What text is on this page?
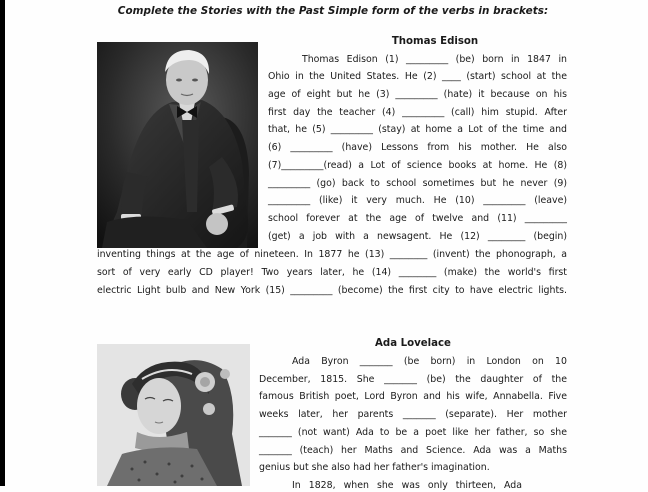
Complete the Stories with the Past Simple form of the verbs in brackets:
Thomas Edison
Thomas Edison (1) _________ (be) born in 1847 in
Ohio in the United States. He (2) ____ (start) school at the
age of eight but he (3) _________ (hate) it because on his
first day the teacher (4) _________ (call) him stupid. After
that, he (5) _________ (stay) at home a Lot of the time and
(6) _________ (have) Lessons from his mother. He also
(7)_________(read) a Lot of science books at home. He (8)
_________ (go) back to school sometimes but he never (9)
_________ (like) it very much. He (10) _________ (leave)
school forever at the age of twelve and (11) _________
(get) a job with a newsagent. He (12) ________ (begin)
inventing things at the age of nineteen. In 1877 he (13) ________ (invent) the phonograph, a
sort of very early CD player! Two years later, he (14) ________ (make) the world's first
electric Light bulb and New York (15) _________ (become) the first city to have electric lights.
Ada Lovelace
Ada Byron _______ (be born) in London on 10
December, 1815. She _______ (be) the daughter of the
famous British poet, Lord Byron and his wife, Annabella. Five
weeks later, her parents _______ (separate). Her mother
_______ (not want) Ada to be a poet like her father, so she
_______ (teach) her Maths and Science. Ada was a Maths
genius but she also had her father's imagination.
In 1828, when she was only thirteen, Ada
